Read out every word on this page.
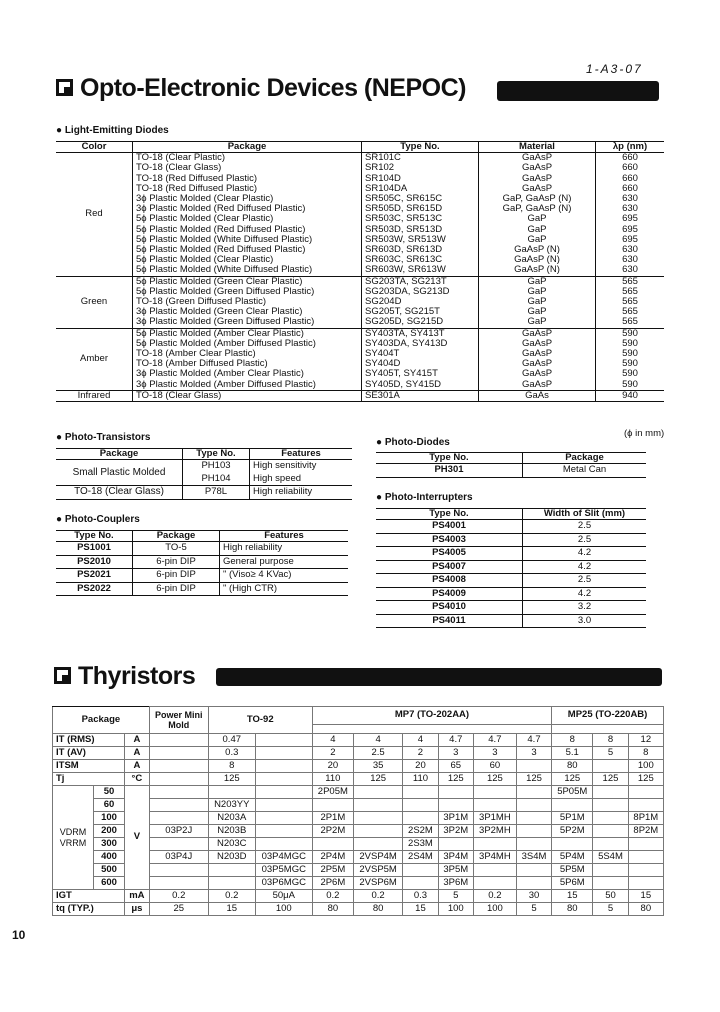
1-A3-07
Opto-Electronic Devices (NEPOC)
● Light-Emitting Diodes
Color	Package	Type No.	Material	λp (nm)
Red	TO-18 (Clear Plastic)	SR101C	GaAsP	660
	TO-18 (Clear Glass)	SR102	GaAsP	660
	TO-18 (Red Diffused Plastic)	SR104D	GaAsP	660
	TO-18 (Red Diffused Plastic)	SR104DA	GaAsP	660
	3ϕ Plastic Molded (Clear Plastic)	SR505C, SR615C	GaP, GaAsP (N)	630
	3ϕ Plastic Molded (Red Diffused Plastic)	SR505D, SR615D	GaP, GaAsP (N)	630
	5ϕ Plastic Molded (Clear Plastic)	SR503C, SR513C	GaP	695
	5ϕ Plastic Molded (Red Diffused Plastic)	SR503D, SR513D	GaP	695
	5ϕ Plastic Molded (White Diffused Plastic)	SR503W, SR513W	GaP	695
	5ϕ Plastic Molded (Red Diffused Plastic)	SR603D, SR613D	GaAsP (N)	630
	5ϕ Plastic Molded (Clear Plastic)	SR603C, SR613C	GaAsP (N)	630
	5ϕ Plastic Molded (White Diffused Plastic)	SR603W, SR613W	GaAsP (N)	630
Green	5ϕ Plastic Molded (Green Clear Plastic)	SG203TA, SG213T	GaP	565
	5ϕ Plastic Molded (Green Diffused Plastic)	SG203DA, SG213D	GaP	565
	TO-18 (Green Diffused Plastic)	SG204D	GaP	565
	3ϕ Plastic Molded (Green Clear Plastic)	SG205T, SG215T	GaP	565
	3ϕ Plastic Molded (Green Diffused Plastic)	SG205D, SG215D	GaP	565
Amber	5ϕ Plastic Molded (Amber Clear Plastic)	SY403TA, SY413T	GaAsP	590
	5ϕ Plastic Molded (Amber Diffused Plastic)	SY403DA, SY413D	GaAsP	590
	TO-18 (Amber Clear Plastic)	SY404T	GaAsP	590
	TO-18 (Amber Diffused Plastic)	SY404D	GaAsP	590
	3ϕ Plastic Molded (Amber Clear Plastic)	SY405T, SY415T	GaAsP	590
	3ϕ Plastic Molded (Amber Diffused Plastic)	SY405D, SY415D	GaAsP	590
Infrared	TO-18 (Clear Glass)	SE301A	GaAs	940
(ϕ in mm)
● Photo-Transistors
Package	Type No.	Features
Small Plastic Molded	PH103	High sensitivity
	PH104	High speed
TO-18 (Clear Glass)	P78L	High reliability
● Photo-Diodes
Type No.	Package
PH301	Metal Can
● Photo-Couplers
Type No.	Package	Features
PS1001	TO-5	High reliability
PS2010	6-pin DIP	General purpose
PS2021	6-pin DIP	" (Viso≥ 4 KVac)
PS2022	6-pin DIP	" (High CTR)
● Photo-Interrupters
Type No.	Width of Slit (mm)
PS4001	2.5
PS4003	2.5
PS4005	4.2
PS4007	4.2
PS4008	2.5
PS4009	4.2
PS4010	3.2
PS4011	3.0
Thyristors
Package			Power Mini Mold	TO-92		MP7 (TO-202AA)						MP25 (TO-220AB)		

IT (RMS)		A		0.47		4	4	4	4.7	4.7	4.7	8	8	12
IT (AV)		A		0.3		2	2.5	2	3	3	3	5.1	5	8
ITSM		A		8		20	35	20	65	60		80		100
Tj		°C		125		110	125	110	125	125	125	125	125	125

VDRM
VRRM	50	V				2P05M						5P05M		
	60			N203YY										
	100			N203A		2P1M			3P1M	3P1MH		5P1M		8P1M
	200		03P2J	N203B		2P2M		2S2M	3P2M	3P2MH		5P2M		8P2M
	300			N203C				2S3M						
	400		03P4J	N203D	03P4MGC	2P4M	2VSP4M	2S4M	3P4M	3P4MH	3S4M	5P4M	5S4M	
	500				03P5MGC	2P5M	2VSP5M		3P5M			5P5M		
	600				03P6MGC	2P6M	2VSP6M		3P6M			5P6M		
IGT		mA	0.2	0.2	50μA	0.2	0.2	0.3	5	0.2	30	15	50	15
tq (TYP.)		μs	25	15	100	80	80	15	100	100	5	80	5	80
10
